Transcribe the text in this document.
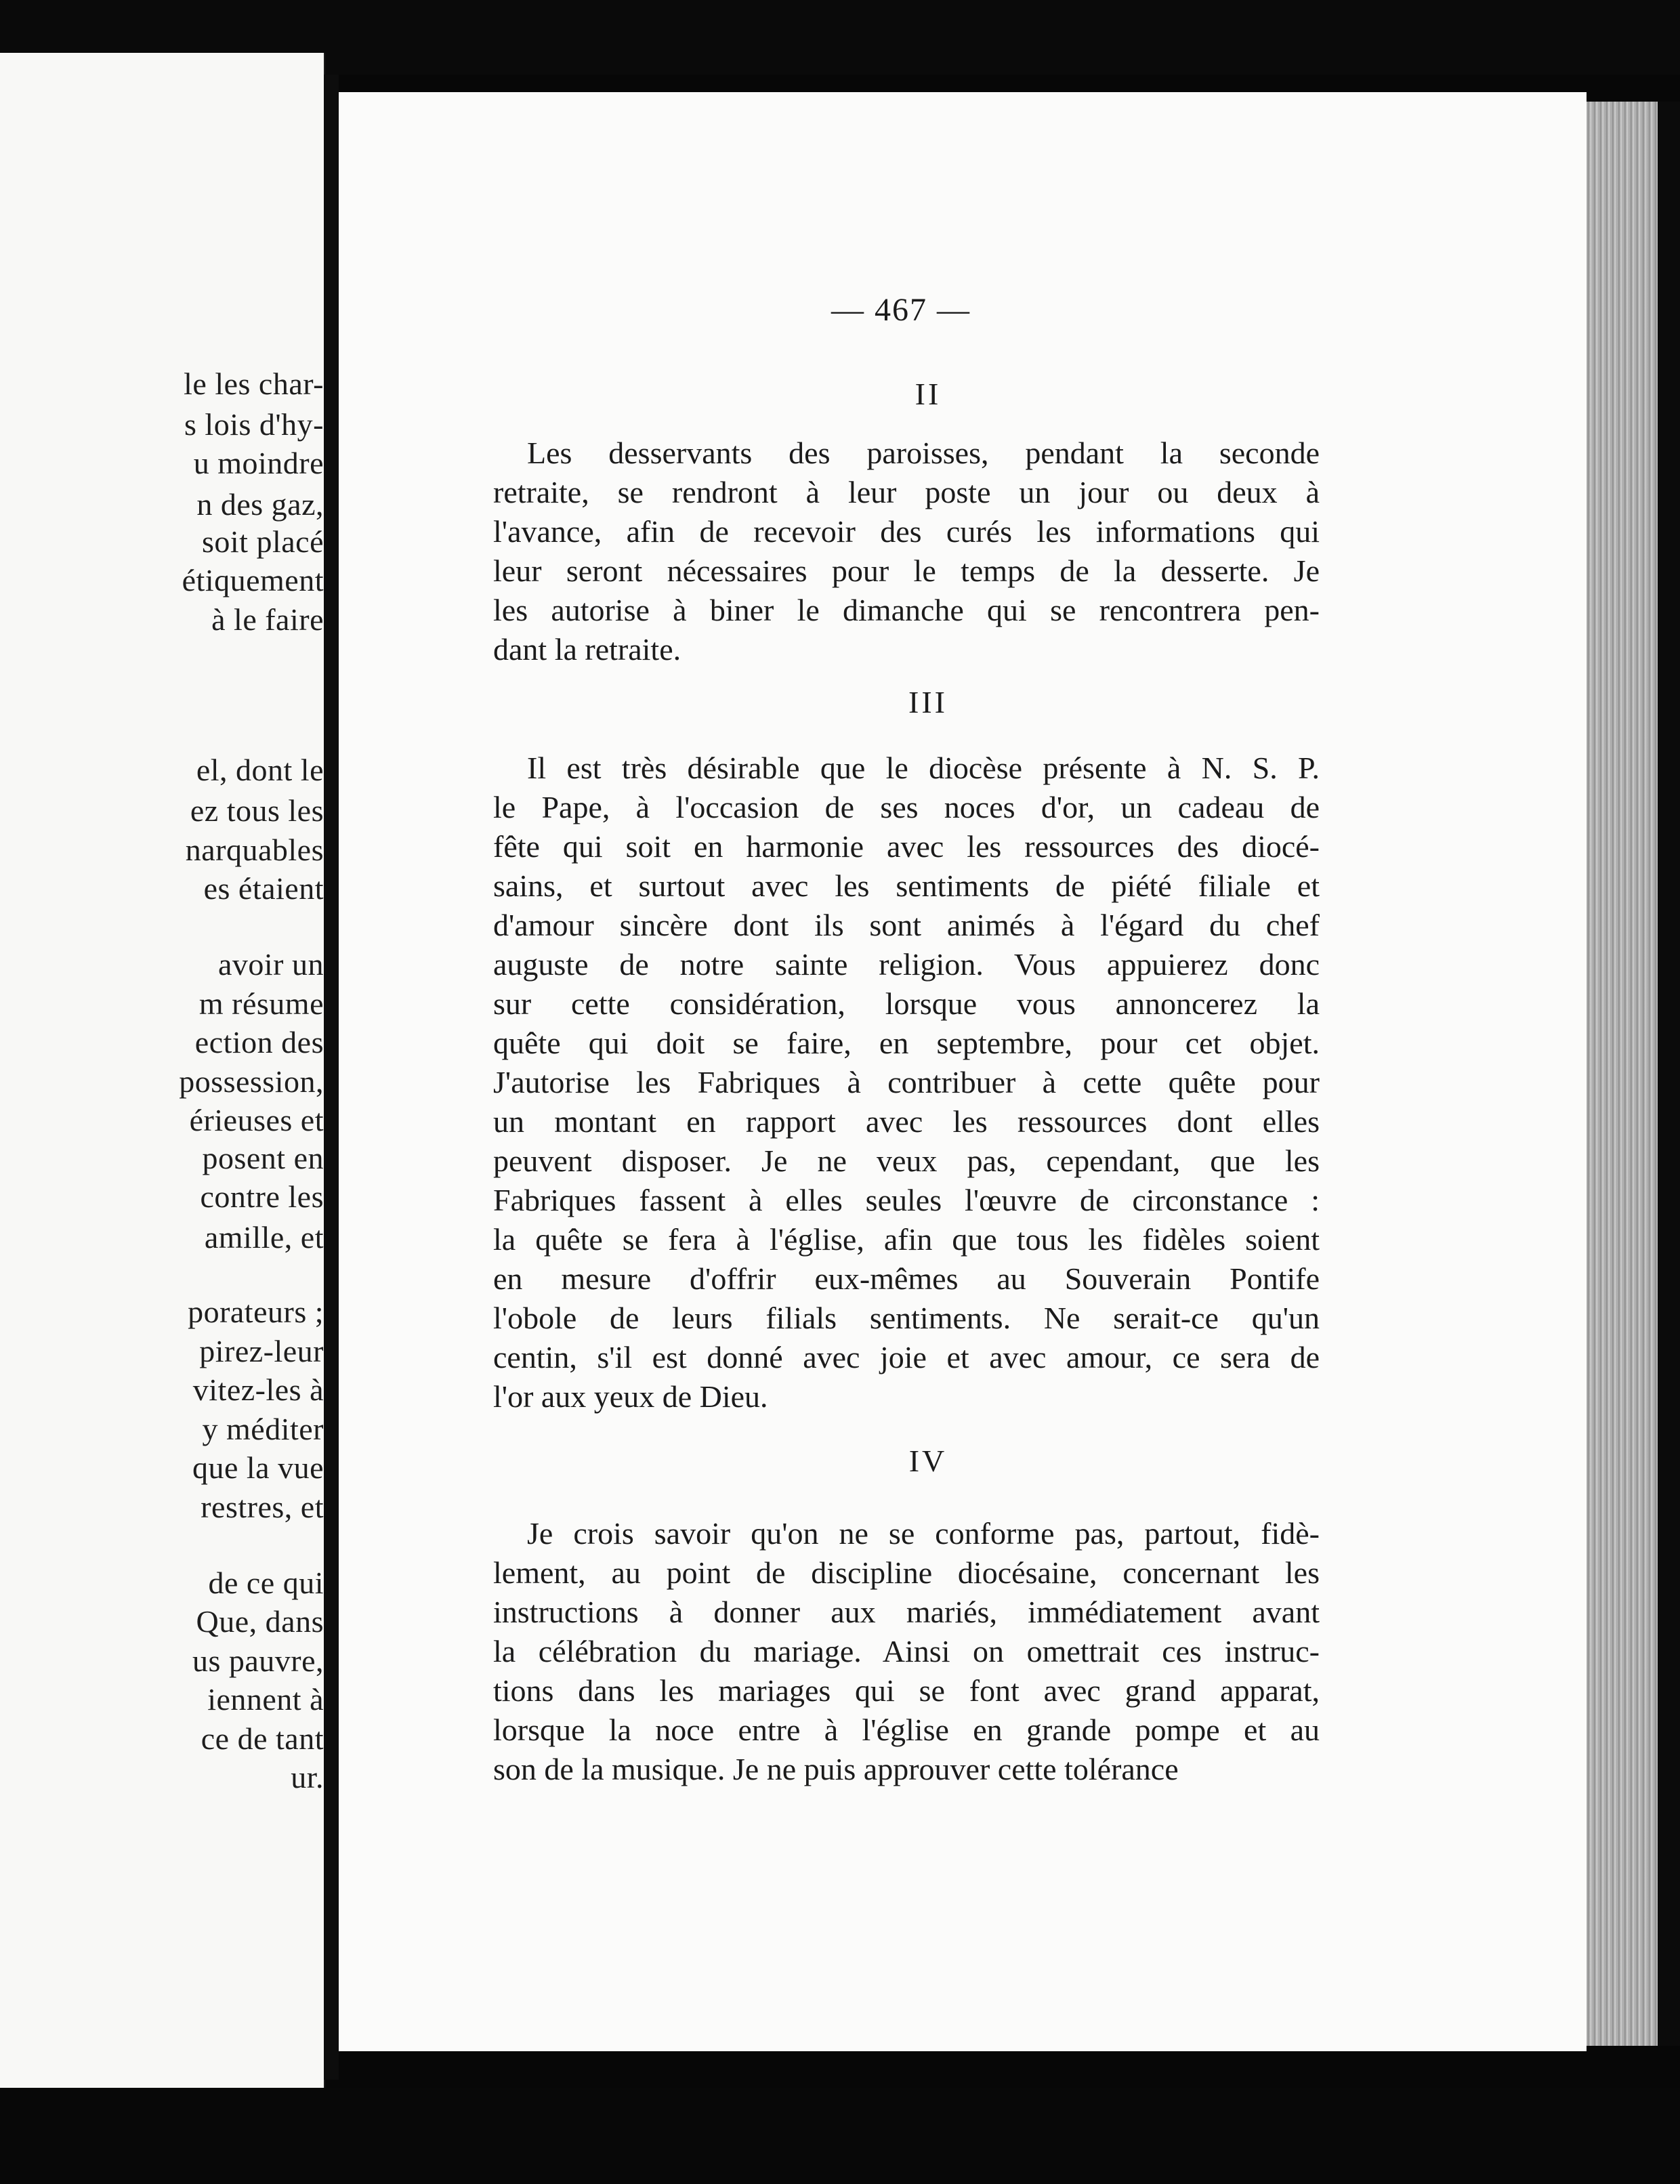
le les char-
s lois d'hy-
u moindre
n des gaz,
soit placé
étiquement
à le faire
el, dont le
ez tous les
narquables
es étaient
avoir un
m résume
ection des
possession,
érieuses et
posent en
contre les
amille, et
porateurs ;
pirez-leur
vitez-les à
y méditer
que la vue
restres, et
de ce qui
Que, dans
us pauvre,
iennent à
ce de tant
ur.
— 467 —
II
Les desservants des paroisses, pendant la seconde
retraite, se rendront à leur poste un jour ou deux à
l'avance, afin de recevoir des curés les informations qui
leur seront nécessaires pour le temps de la desserte. Je
les autorise à biner le dimanche qui se rencontrera pen-
dant la retraite.
III
Il est très désirable que le diocèse présente à N. S. P.
le Pape, à l'occasion de ses noces d'or, un cadeau de
fête qui soit en harmonie avec les ressources des diocé-
sains, et surtout avec les sentiments de piété filiale et
d'amour sincère dont ils sont animés à l'égard du chef
auguste de notre sainte religion. Vous appuierez donc
sur cette considération, lorsque vous annoncerez la
quête qui doit se faire, en septembre, pour cet objet.
J'autorise les Fabriques à contribuer à cette quête pour
un montant en rapport avec les ressources dont elles
peuvent disposer. Je ne veux pas, cependant, que les
Fabriques fassent à elles seules l'œuvre de circonstance :
la quête se fera à l'église, afin que tous les fidèles soient
en mesure d'offrir eux-mêmes au Souverain Pontife
l'obole de leurs filials sentiments. Ne serait-ce qu'un
centin, s'il est donné avec joie et avec amour, ce sera de
l'or aux yeux de Dieu.
IV
Je crois savoir qu'on ne se conforme pas, partout, fidè-
lement, au point de discipline diocésaine, concernant les
instructions à donner aux mariés, immédiatement avant
la célébration du mariage. Ainsi on omettrait ces instruc-
tions dans les mariages qui se font avec grand apparat,
lorsque la noce entre à l'église en grande pompe et au
son de la musique. Je ne puis approuver cette tolérance
